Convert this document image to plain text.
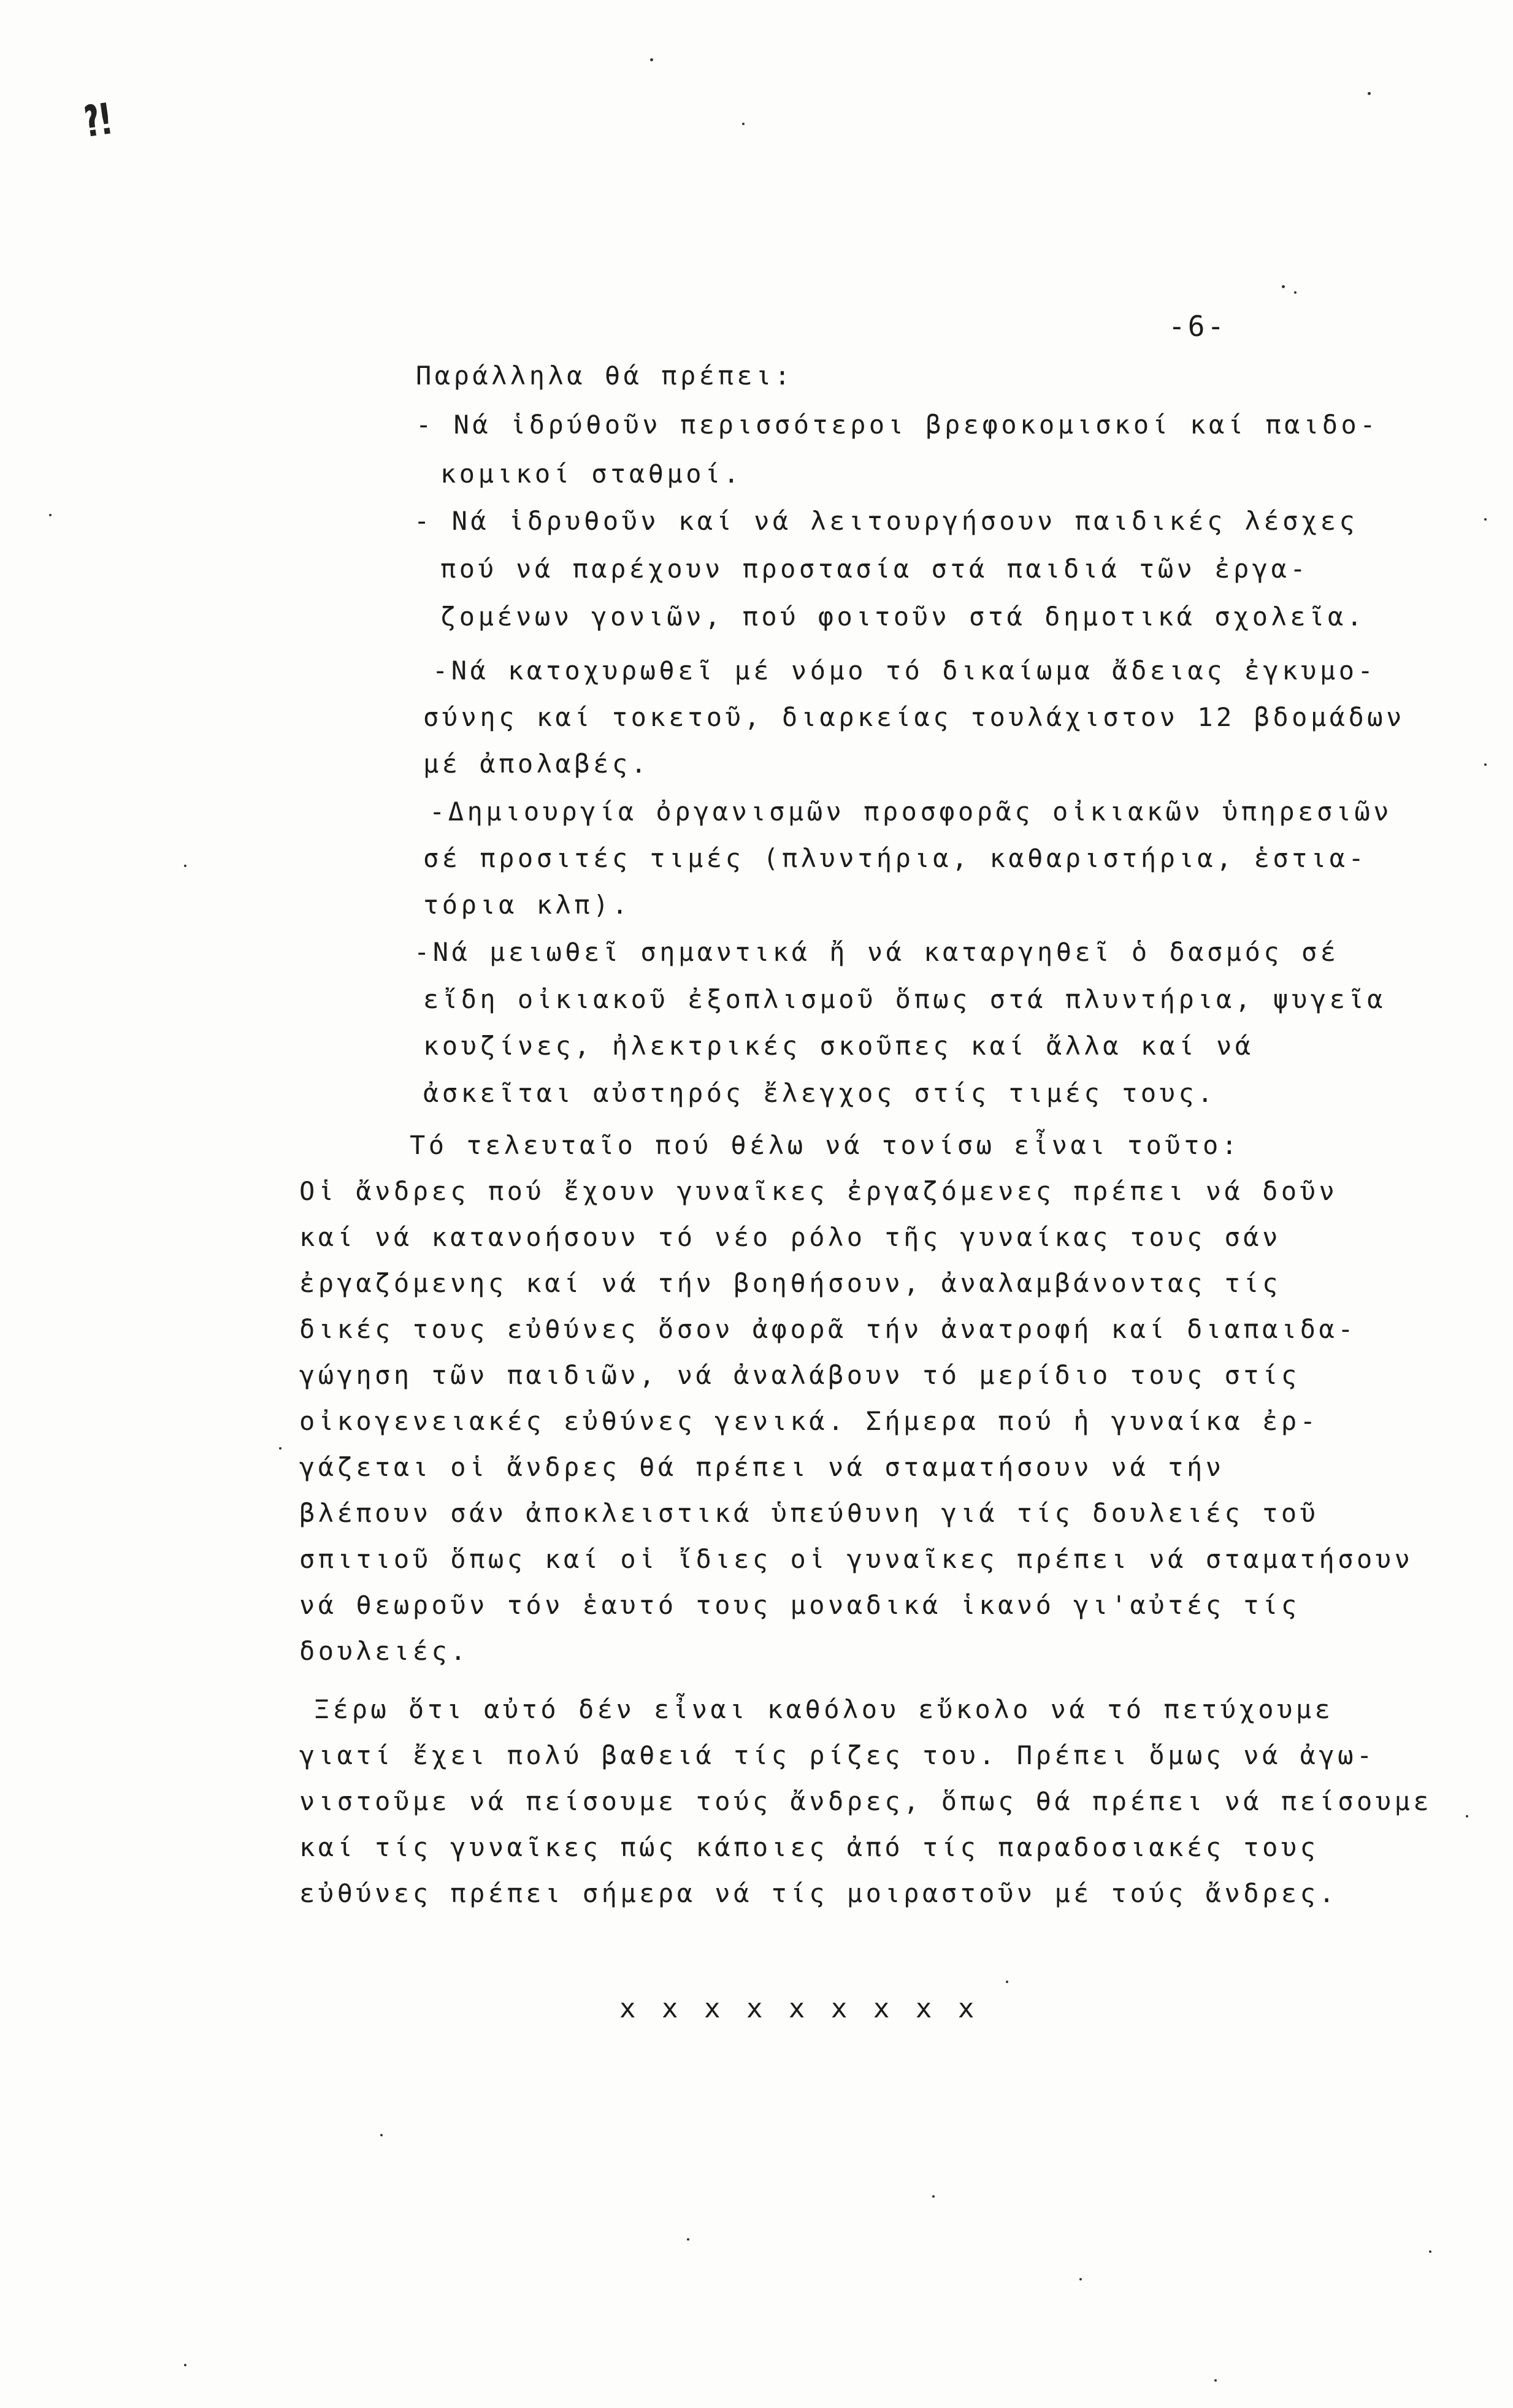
⁈
-6-
Παράλληλα θά πρέπει:
- Νά ἱδρύθοῦν περισσότεροι βρεφοκομισκοί καί παιδο-
κομικοί σταθμοί.
- Νά ἱδρυθοῦν καί νά λειτουργήσουν παιδικές λέσχες
πού νά παρέχουν προστασία στά παιδιά τῶν ἐργα-
ζομένων γονιῶν, πού φοιτοῦν στά δημοτικά σχολεῖα.
-Νά κατοχυρωθεῖ μέ νόμο τό δικαίωμα ἄδειας ἐγκυμο-
σύνης καί τοκετοῦ, διαρκείας τουλάχιστον 12 βδομάδων
μέ ἀπολαβές.
-Δημιουργία ὀργανισμῶν προσφορᾶς οἰκιακῶν ὑπηρεσιῶν
σέ προσιτές τιμές (πλυντήρια, καθαριστήρια, ἑστια-
τόρια κλπ).
-Νά μειωθεῖ σημαντικά ἤ νά καταργηθεῖ ὁ δασμός σέ
εἴδη οἰκιακοῦ ἐξοπλισμοῦ ὅπως στά πλυντήρια, ψυγεῖα
κουζίνες, ἠλεκτρικές σκοῦπες καί ἄλλα καί νά
ἀσκεῖται αὐστηρός ἔλεγχος στίς τιμές τους.
Τό τελευταῖο πού θέλω νά τονίσω εἶναι τοῦτο:
Οἱ ἄνδρες πού ἔχουν γυναῖκες ἐργαζόμενες πρέπει νά δοῦν
καί νά κατανοήσουν τό νέο ρόλο τῆς γυναίκας τους σάν
ἐργαζόμενης καί νά τήν βοηθήσουν, ἀναλαμβάνοντας τίς
δικές τους εὐθύνες ὅσον ἀφορᾶ τήν ἀνατροφή καί διαπαιδα-
γώγηση τῶν παιδιῶν, νά ἀναλάβουν τό μερίδιο τους στίς
οἰκογενειακές εὐθύνες γενικά. Σήμερα πού ἡ γυναίκα ἐρ-
γάζεται οἱ ἄνδρες θά πρέπει νά σταματήσουν νά τήν
βλέπουν σάν ἀποκλειστικά ὑπεύθυνη γιά τίς δουλειές τοῦ
σπιτιοῦ ὅπως καί οἱ ἴδιες οἱ γυναῖκες πρέπει νά σταματήσουν
νά θεωροῦν τόν ἑαυτό τους μοναδικά ἱκανό γι'αὐτές τίς
δουλειές.
Ξέρω ὅτι αὐτό δέν εἶναι καθόλου εὔκολο νά τό πετύχουμε
γιατί ἔχει πολύ βαθειά τίς ρίζες του. Πρέπει ὅμως νά ἀγω-
νιστοῦμε νά πείσουμε τούς ἄνδρες, ὅπως θά πρέπει νά πείσουμε
καί τίς γυναῖκες πώς κάποιες ἀπό τίς παραδοσιακές τους
εὐθύνες πρέπει σήμερα νά τίς μοιραστοῦν μέ τούς ἄνδρες.
x x x x x x x x x
